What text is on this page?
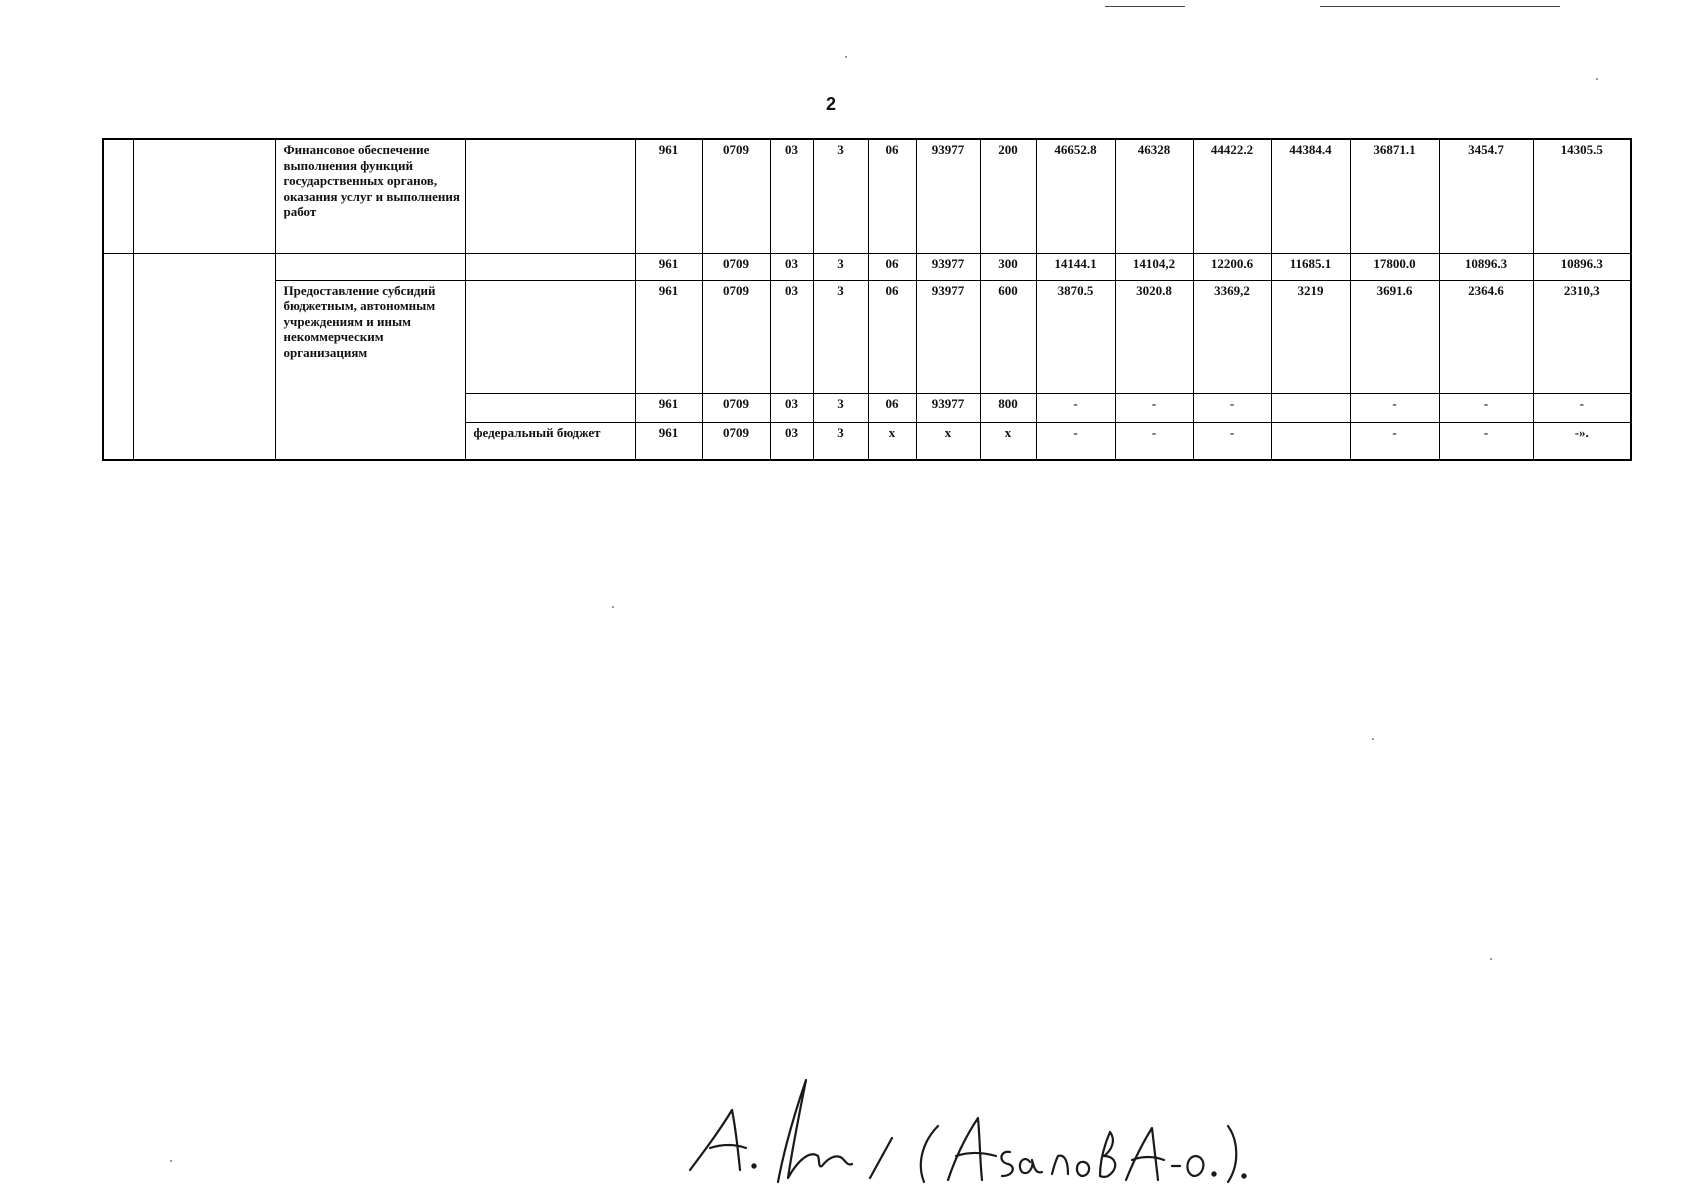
2
		Финансовое обеспечение выполнения функций государственных органов, оказания услуг и выполнения работ		961	0709	03	3	06	93977	200	46652.8	46328	44422.2	44384.4	36871.1	3454.7	14305.5
				961	0709	03	3	06	93977	300	14144.1	14104,2	12200.6	11685.1	17800.0	10896.3	10896.3
		Предоставление субсидий бюджетным, автономным учреждениям и иным некоммерческим организациям		961	0709	03	3	06	93977	600	3870.5	3020.8	3369,2	3219	3691.6	2364.6	2310,3
				961	0709	03	3	06	93977	800	-	-	-		-	-	-
			федеральный бюджет	961	0709	03	3	х	х	х	-	-	-		-	-	-».
